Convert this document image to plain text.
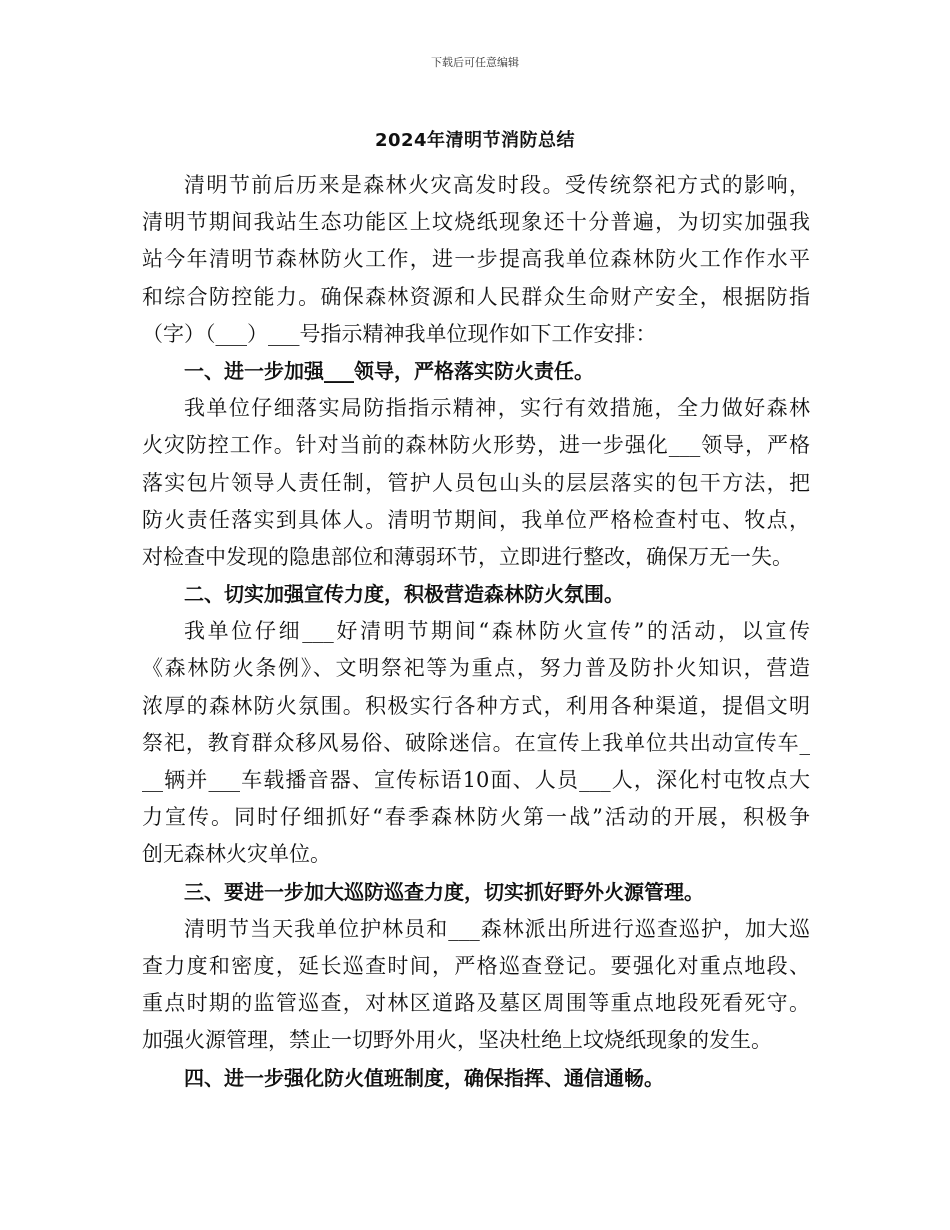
下载后可任意编辑
2024年清明节消防总结
清明节前后历来是森林火灾高发时段。受传统祭祀方式的影响，
清明节期间我站生态功能区上坟烧纸现象还十分普遍，为切实加强我
站今年清明节森林防火工作，进一步提高我单位森林防火工作作水平
和综合防控能力。确保森林资源和人民群众生命财产安全，根据防指
（字）（___）___号指示精神我单位现作如下工作安排：
一、进一步加强___领导，严格落实防火责任。
我单位仔细落实局防指指示精神，实行有效措施，全力做好森林
火灾防控工作。针对当前的森林防火形势，进一步强化___领导，严格
落实包片领导人责任制，管护人员包山头的层层落实的包干方法，把
防火责任落实到具体人。清明节期间，我单位严格检查村屯、牧点，
对检查中发现的隐患部位和薄弱环节，立即进行整改，确保万无一失。
二、切实加强宣传力度，积极营造森林防火氛围。
我单位仔细___好清明节期间“森林防火宣传”的活动，以宣传
《森林防火条例》、文明祭祀等为重点，努力普及防扑火知识，营造
浓厚的森林防火氛围。积极实行各种方式，利用各种渠道，提倡文明
祭祀，教育群众移风易俗、破除迷信。在宣传上我单位共出动宣传车_
__辆并___车载播音器、宣传标语10面、人员___人，深化村屯牧点大
力宣传。同时仔细抓好“春季森林防火第一战”活动的开展，积极争
创无森林火灾单位。
三、要进一步加大巡防巡查力度，切实抓好野外火源管理。
清明节当天我单位护林员和___森林派出所进行巡查巡护，加大巡
查力度和密度，延长巡查时间，严格巡查登记。要强化对重点地段、
重点时期的监管巡查，对林区道路及墓区周围等重点地段死看死守。
加强火源管理，禁止一切野外用火，坚决杜绝上坟烧纸现象的发生。
四、进一步强化防火值班制度，确保指挥、通信通畅。
